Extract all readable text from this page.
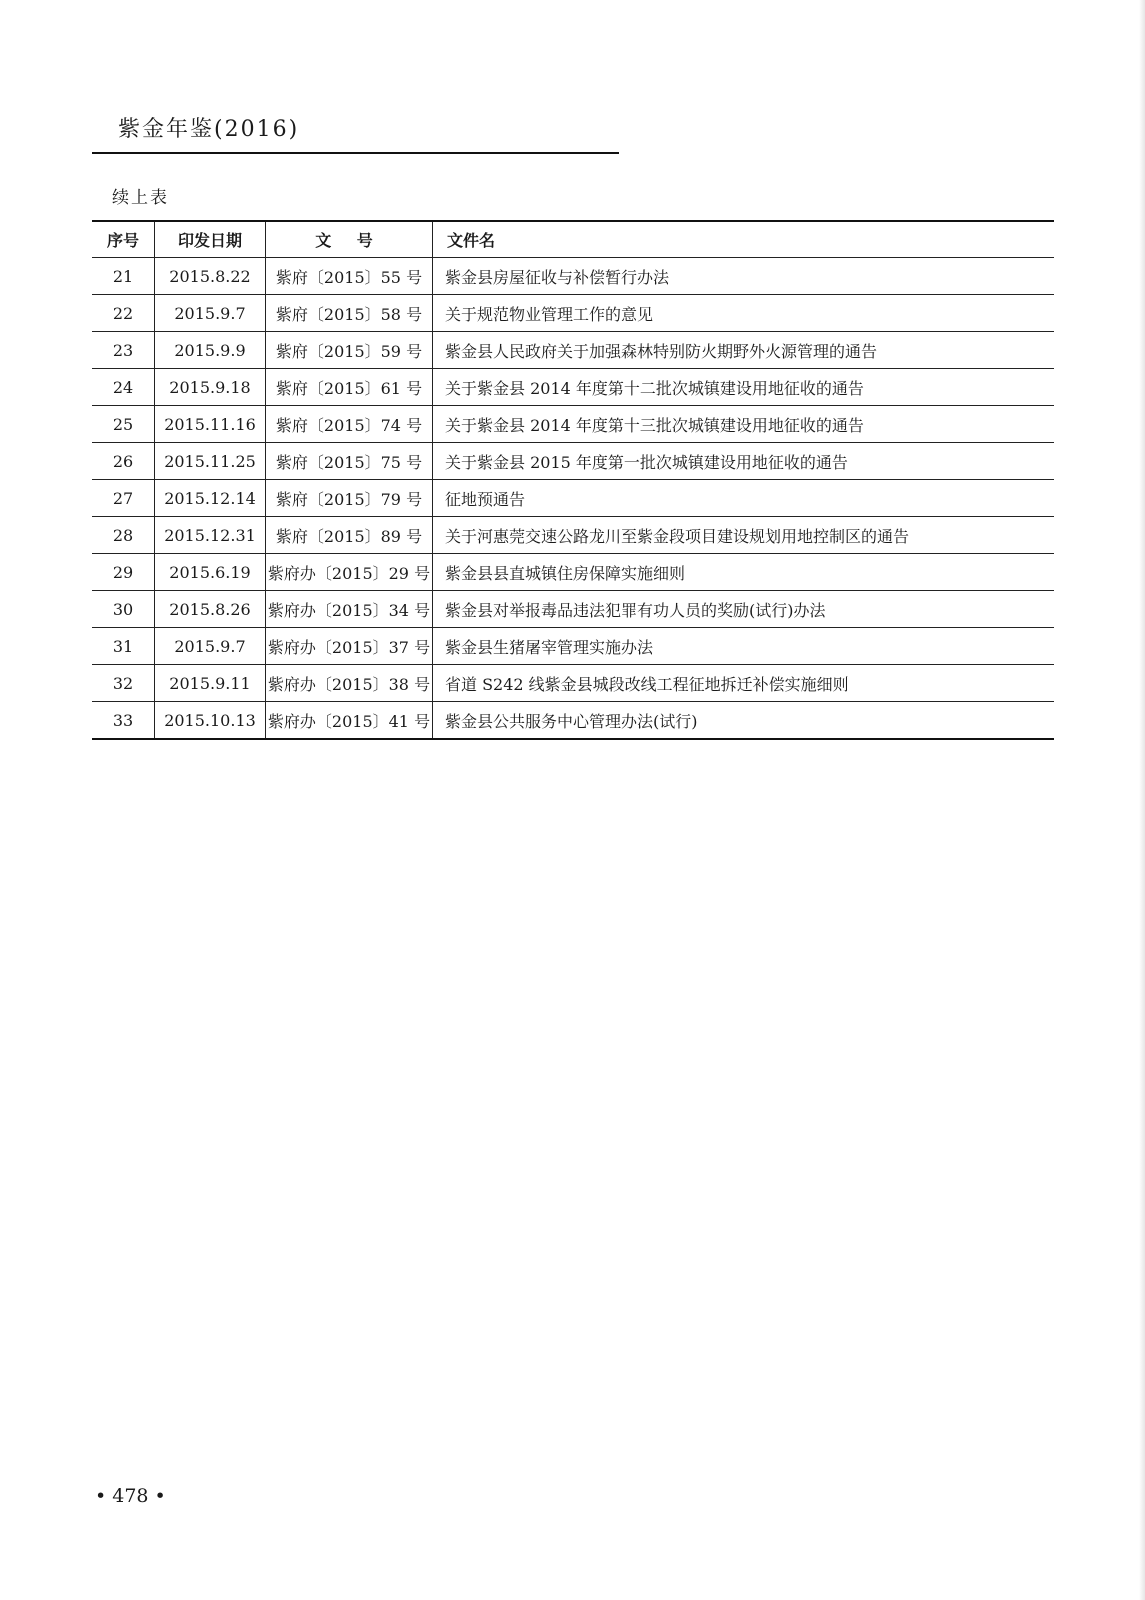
紫金年鉴(2016)
续上表
序号	印发日期	文 号	文件名
21	2015.8.22	紫府〔2015〕55 号	紫金县房屋征收与补偿暂行办法
22	2015.9.7	紫府〔2015〕58 号	关于规范物业管理工作的意见
23	2015.9.9	紫府〔2015〕59 号	紫金县人民政府关于加强森林特别防火期野外火源管理的通告
24	2015.9.18	紫府〔2015〕61 号	关于紫金县 2014 年度第十二批次城镇建设用地征收的通告
25	2015.11.16	紫府〔2015〕74 号	关于紫金县 2014 年度第十三批次城镇建设用地征收的通告
26	2015.11.25	紫府〔2015〕75 号	关于紫金县 2015 年度第一批次城镇建设用地征收的通告
27	2015.12.14	紫府〔2015〕79 号	征地预通告
28	2015.12.31	紫府〔2015〕89 号	关于河惠莞交速公路龙川至紫金段项目建设规划用地控制区的通告
29	2015.6.19	紫府办〔2015〕29 号	紫金县县直城镇住房保障实施细则
30	2015.8.26	紫府办〔2015〕34 号	紫金县对举报毒品违法犯罪有功人员的奖励(试行)办法
31	2015.9.7	紫府办〔2015〕37 号	紫金县生猪屠宰管理实施办法
32	2015.9.11	紫府办〔2015〕38 号	省道 S242 线紫金县城段改线工程征地拆迁补偿实施细则
33	2015.10.13	紫府办〔2015〕41 号	紫金县公共服务中心管理办法(试行)
• 478 •
